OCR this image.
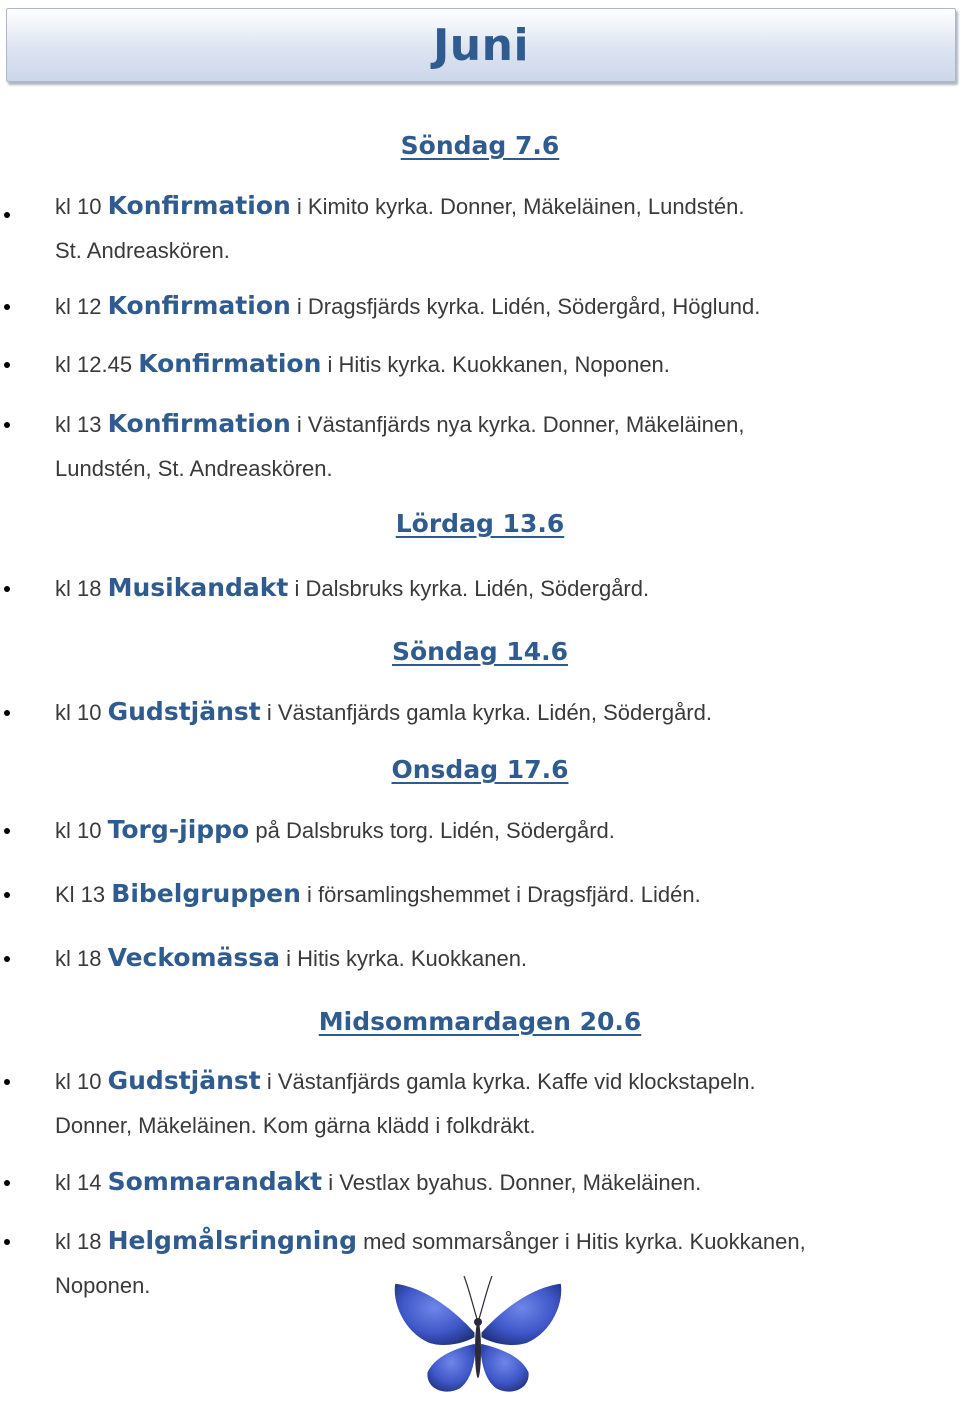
Juni
Söndag 7.6
kl 10 Konfirmation i Kimito kyrka. Donner, Mäkeläinen, Lundstén.
St. Andreaskören.
kl 12 Konfirmation i Dragsfjärds kyrka. Lidén, Södergård, Höglund.
kl 12.45 Konfirmation i Hitis kyrka. Kuokkanen, Noponen.
kl 13 Konfirmation i Västanfjärds nya kyrka. Donner, Mäkeläinen,
Lundstén, St. Andreaskören.
Lördag 13.6
kl 18 Musikandakt i Dalsbruks kyrka. Lidén, Södergård.
Söndag 14.6
kl 10 Gudstjänst i Västanfjärds gamla kyrka. Lidén, Södergård.
Onsdag 17.6
kl 10 Torg-jippo på Dalsbruks torg. Lidén, Södergård.
Kl 13 Bibelgruppen i församlingshemmet i Dragsfjärd. Lidén.
kl 18 Veckomässa i Hitis kyrka. Kuokkanen.
Midsommardagen 20.6
kl 10 Gudstjänst i Västanfjärds gamla kyrka. Kaffe vid klockstapeln.
Donner, Mäkeläinen. Kom gärna klädd i folkdräkt.
kl 14 Sommarandakt i Vestlax byahus. Donner, Mäkeläinen.
kl 18 Helgmålsringning med sommarsånger i Hitis kyrka. Kuokkanen,
Noponen.
